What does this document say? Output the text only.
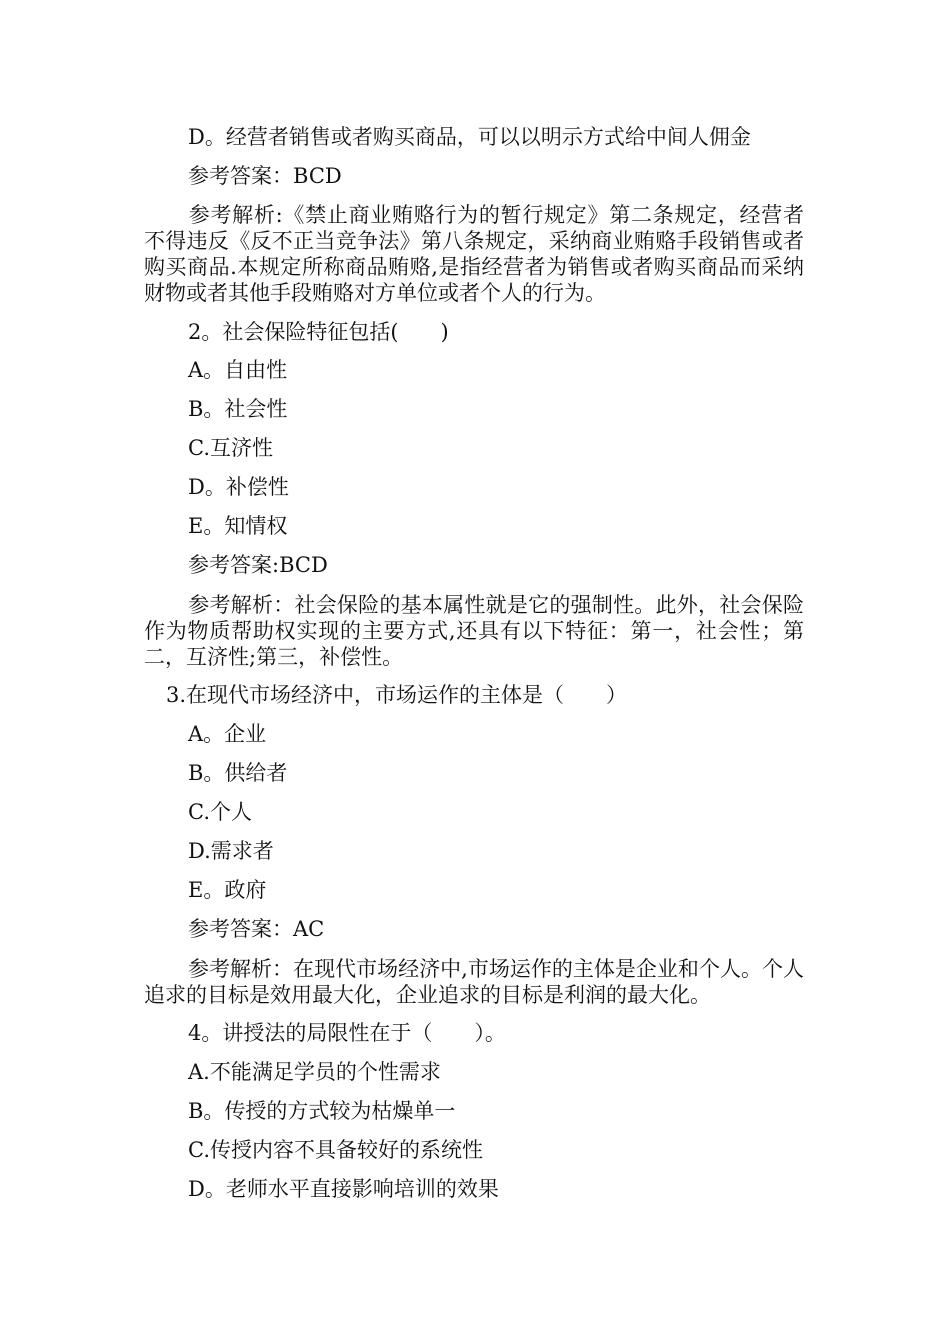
D。经营者销售或者购买商品，可以以明示方式给中间人佣金
参考答案：BCD
参考解析:《禁止商业贿赂行为的暂行规定》第二条规定，经营者不得违反《反不正当竞争法》第八条规定，采纳商业贿赂手段销售或者购买商品.本规定所称商品贿赂,是指经营者为销售或者购买商品而采纳财物或者其他手段贿赂对方单位或者个人的行为。
2。社会保险特征包括(　　)
A。自由性
B。社会性
C.互济性
D。补偿性
E。知情权
参考答案:BCD
参考解析：社会保险的基本属性就是它的强制性。此外，社会保险作为物质帮助权实现的主要方式,还具有以下特征：第一，社会性；第二，互济性;第三，补偿性。
3.在现代市场经济中，市场运作的主体是（　　）
A。企业
B。供给者
C.个人
D.需求者
E。政府
参考答案：AC
参考解析：在现代市场经济中,市场运作的主体是企业和个人。个人追求的目标是效用最大化，企业追求的目标是利润的最大化。
4。讲授法的局限性在于（　　）。
A.不能满足学员的个性需求
B。传授的方式较为枯燥单一
C.传授内容不具备较好的系统性
D。老师水平直接影响培训的效果
